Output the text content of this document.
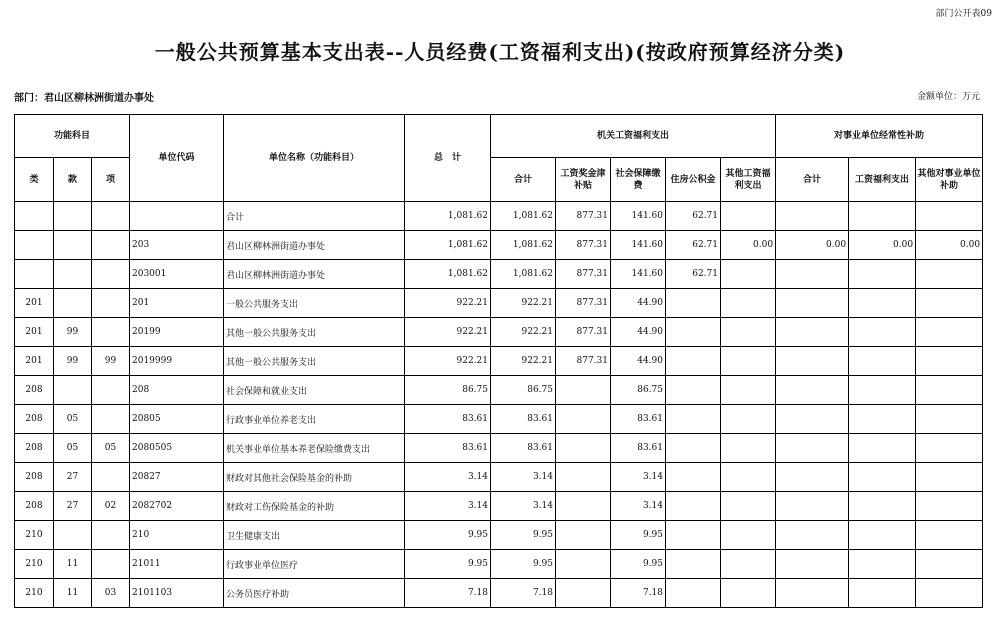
部门公开表09
一般公共预算基本支出表--人员经费(工资福利支出)(按政府预算经济分类)
部门：君山区柳林洲街道办事处	金额单位：万元
功能科目			单位代码	单位名称（功能科目）	总　计	机关工资福利支出					对事业单位经常性补助		
类	款	项				合计	工资奖金津补贴	社会保障缴费	住房公积金	其他工资福利支出	合计	工资福利支出	其他对事业单位补助
				合计	1,081.62	1,081.62	877.31	141.60	62.71				
			203	君山区柳林洲街道办事处	1,081.62	1,081.62	877.31	141.60	62.71	0.00	0.00	0.00	0.00
			203001	君山区柳林洲街道办事处	1,081.62	1,081.62	877.31	141.60	62.71				
201			201	一般公共服务支出	922.21	922.21	877.31	44.90					
201	99		20199	其他一般公共服务支出	922.21	922.21	877.31	44.90					
201	99	99	2019999	其他一般公共服务支出	922.21	922.21	877.31	44.90					
208			208	社会保障和就业支出	86.75	86.75		86.75					
208	05		20805	行政事业单位养老支出	83.61	83.61		83.61					
208	05	05	2080505	机关事业单位基本养老保险缴费支出	83.61	83.61		83.61					
208	27		20827	财政对其他社会保险基金的补助	3.14	3.14		3.14					
208	27	02	2082702	财政对工伤保险基金的补助	3.14	3.14		3.14					
210			210	卫生健康支出	9.95	9.95		9.95					
210	11		21011	行政事业单位医疗	9.95	9.95		9.95					
210	11	03	2101103	公务员医疗补助	7.18	7.18		7.18					
